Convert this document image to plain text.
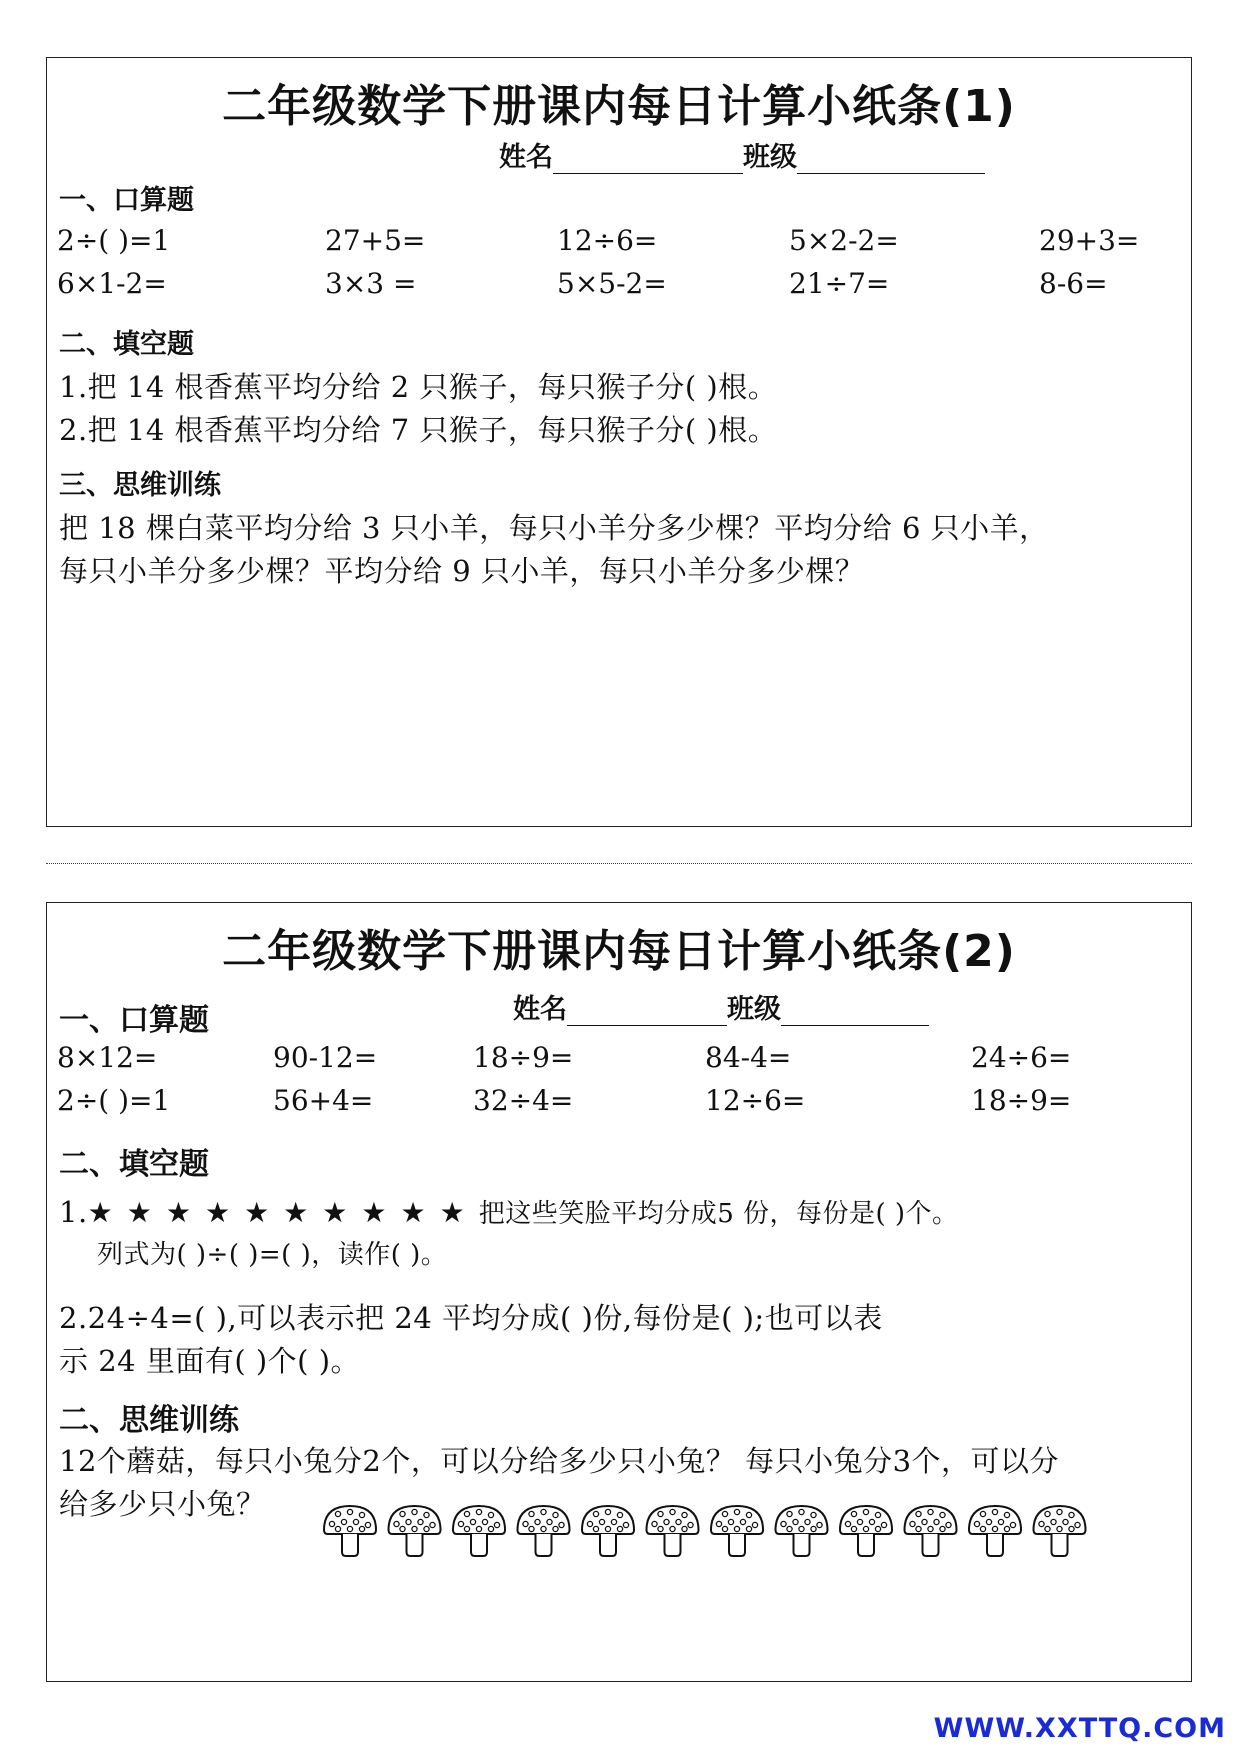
二年级数学下册课内每日计算小纸条(1)
姓名	班级
一、口算题
2÷( )=1	27+5=	12÷6=	5×2-2=	29+3=
6×1-2=	3×3 =	5×5-2=	21÷7=	8-6=
二、填空题
1.把 14 根香蕉平均分给 2 只猴子，每只猴子分( )根。
2.把 14 根香蕉平均分给 7 只猴子，每只猴子分( )根。
三、思维训练
把 18 棵白菜平均分给 3 只小羊，每只小羊分多少棵？平均分给 6 只小羊，
每只小羊分多少棵？平均分给 9 只小羊，每只小羊分多少棵？
二年级数学下册课内每日计算小纸条(2)
姓名	班级
一、口算题
8×12=	90-12=	18÷9=	84-4=	24÷6=
2÷( )=1	56+4=	32÷4=	12÷6=	18÷9=
二、填空题
1.★★★★★★★★★★把这些笑脸平均分成5 份，每份是( )个。
列式为( )÷( )=( )，读作( )。
2.24÷4=( ),可以表示把 24 平均分成( )份,每份是( );也可以表
示 24 里面有( )个( )。
二、思维训练
12个蘑菇，每只小兔分2个，可以分给多少只小兔？ 每只小兔分3个，可以分
给多少只小兔？
WWW.XXTTQ.COM
